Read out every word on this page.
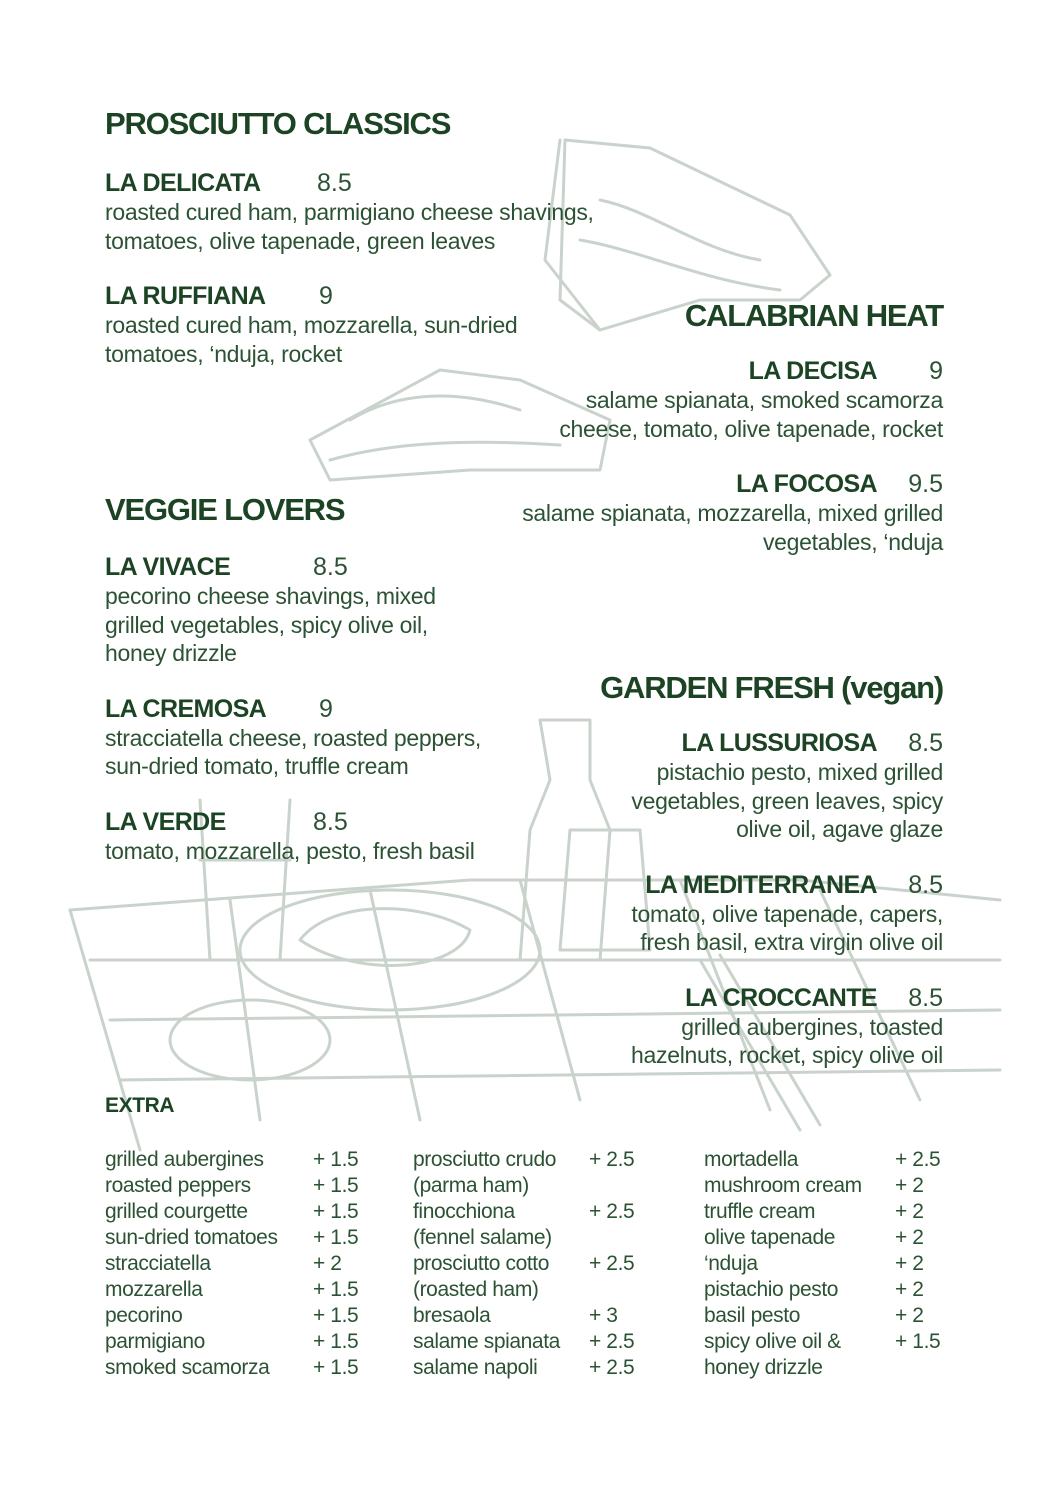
PROSCIUTTO CLASSICS
LA DELICATA 8.5
roasted cured ham, parmigiano cheese shavings, tomatoes, olive tapenade, green leaves
LA RUFFIANA 9
roasted cured ham, mozzarella, sun-dried tomatoes, ‘nduja, rocket
CALABRIAN HEAT
LA DECISA 9
salame spianata, smoked scamorza cheese, tomato, olive tapenade, rocket
LA FOCOSA 9.5
salame spianata, mozzarella, mixed grilled vegetables, ‘nduja
VEGGIE LOVERS
LA VIVACE	8.5
pecorino cheese shavings, mixed grilled vegetables, spicy olive oil, honey drizzle
LA CREMOSA 9
stracciatella cheese, roasted peppers, sun-dried tomato, truffle cream
LA VERDE	8.5
tomato, mozzarella, pesto, fresh basil
GARDEN FRESH (vegan)
LA LUSSURIOSA 8.5
pistachio pesto, mixed grilled vegetables, green leaves, spicy olive oil, agave glaze
LA MEDITERRANEA 8.5
tomato, olive tapenade, capers, fresh basil, extra virgin olive oil
LA CROCCANTE 8.5
grilled aubergines, toasted hazelnuts, rocket, spicy olive oil
EXTRA
grilled aubergines	+ 1.5
roasted peppers	+ 1.5
grilled courgette	+ 1.5
sun-dried tomatoes	+ 1.5
stracciatella	+ 2
mozzarella	+ 1.5
pecorino	+ 1.5
parmigiano	+ 1.5
smoked scamorza	+ 1.5
prosciutto crudo	+ 2.5
(parma ham)
finocchiona	+ 2.5
(fennel salame)
prosciutto cotto	+ 2.5
(roasted ham)
bresaola	+ 3
salame spianata	+ 2.5
salame napoli	+ 2.5
mortadella	+ 2.5
mushroom cream	+ 2
truffle cream	+ 2
olive tapenade	+ 2
‘nduja	+ 2
pistachio pesto	+ 2
basil pesto	+ 2
spicy olive oil &	+ 1.5
honey drizzle
